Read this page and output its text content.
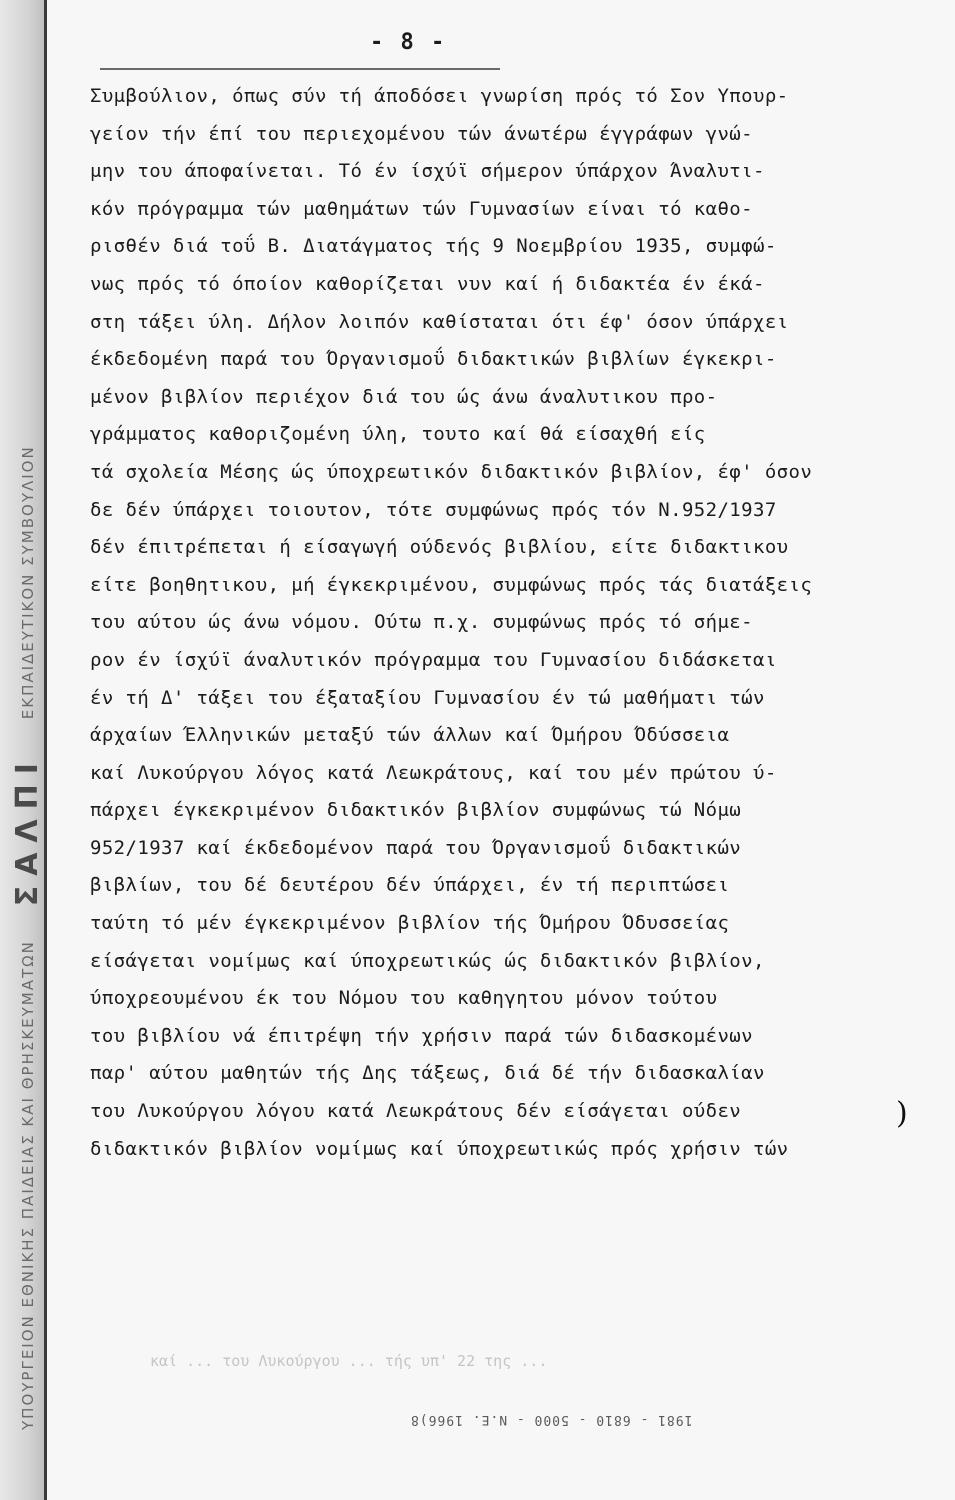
ΥΠΟΥΡΓΕΙΟΝ ΕΘΝΙΚΗΣ ΠΑΙΔΕΙΑΣ ΚΑΙ ΘΡΗΣΚΕΥΜΑΤΩΝ     ΣΑΛΠΙ     ΕΚΠΑΙΔΕΥΤΙΚΟΝ ΣΥΜΒΟΥΛΙΟΝ
- 8 -
Συμβούλιον, όπως σύν τή άποδόσει γνωρίση πρός τό Σον Υπουρ-
γείον τήν έπί του περιεχομένου τών άνωτέρω έγγράφων γνώ-
μην του άποφαίνεται. Τό έν ίσχύϊ σήμερον ύπάρχον Άναλυτι-
κόν πρόγραμμα τών μαθημάτων τών Γυμνασίων είναι τό καθο-
ρισθέν διά τοΰ Β. Διατάγματος τής 9 Νοεμβρίου 1935, συμφώ-
νως πρός τό όποίον καθορίζεται νυν καί ή διδακτέα έν έκά-
στη τάξει ύλη. Δήλον λοιπόν καθίσταται ότι έφ' όσον ύπάρχει
έκδεδομένη παρά του Όργανισμοΰ διδακτικών βιβλίων έγκεκρι-
μένον βιβλίον περιέχον διά του ώς άνω άναλυτικου προ-
γράμματος καθοριζομένη ύλη, τουτο καί θά είσαχθή είς
τά σχολεία Μέσης ώς ύποχρεωτικόν διδακτικόν βιβλίον, έφ' όσον
δε δέν ύπάρχει τοιουτον, τότε συμφώνως πρός τόν Ν.952/1937
δέν έπιτρέπεται ή είσαγωγή ούδενός βιβλίου, είτε διδακτικου
είτε βοηθητικου, μή έγκεκριμένου, συμφώνως πρός τάς διατάξεις
του αύτου ώς άνω νόμου. Ούτω π.χ. συμφώνως πρός τό σήμε-
ρον έν ίσχύϊ άναλυτικόν πρόγραμμα του Γυμνασίου διδάσκεται
έν τή Δ' τάξει του έξαταξίου Γυμνασίου έν τώ μαθήματι τών
άρχαίων Έλληνικών μεταξύ τών άλλων καί Όμήρου Όδύσσεια
καί Λυκούργου λόγος κατά Λεωκράτους, καί του μέν πρώτου ύ-
πάρχει έγκεκριμένον διδακτικόν βιβλίον συμφώνως τώ Νόμω
952/1937 καί έκδεδομένον παρά του Όργανισμοΰ διδακτικών
βιβλίων, του δέ δευτέρου δέν ύπάρχει, έν τή περιπτώσει
ταύτη τό μέν έγκεκριμένον βιβλίον τής Όμήρου Όδυσσείας
είσάγεται νομίμως καί ύποχρεωτικώς ώς διδακτικόν βιβλίον,
ύποχρεουμένου έκ του Νόμου του καθηγητου μόνον τούτου
του βιβλίου νά έπιτρέψη τήν χρήσιν παρά τών διδασκομένων
παρ' αύτου μαθητών τής Δης τάξεως, διά δέ τήν διδασκαλίαν
του Λυκούργου λόγου κατά Λεωκράτους δέν είσάγεται ούδεν
διδακτικόν βιβλίον νομίμως καί ύποχρεωτικώς πρός χρήσιν τών
)
καί ... του Λυκούργου ... τής υπ' 22 της ...
1981 - 6810 - 5000 - Ν.Ε. 1966)8
